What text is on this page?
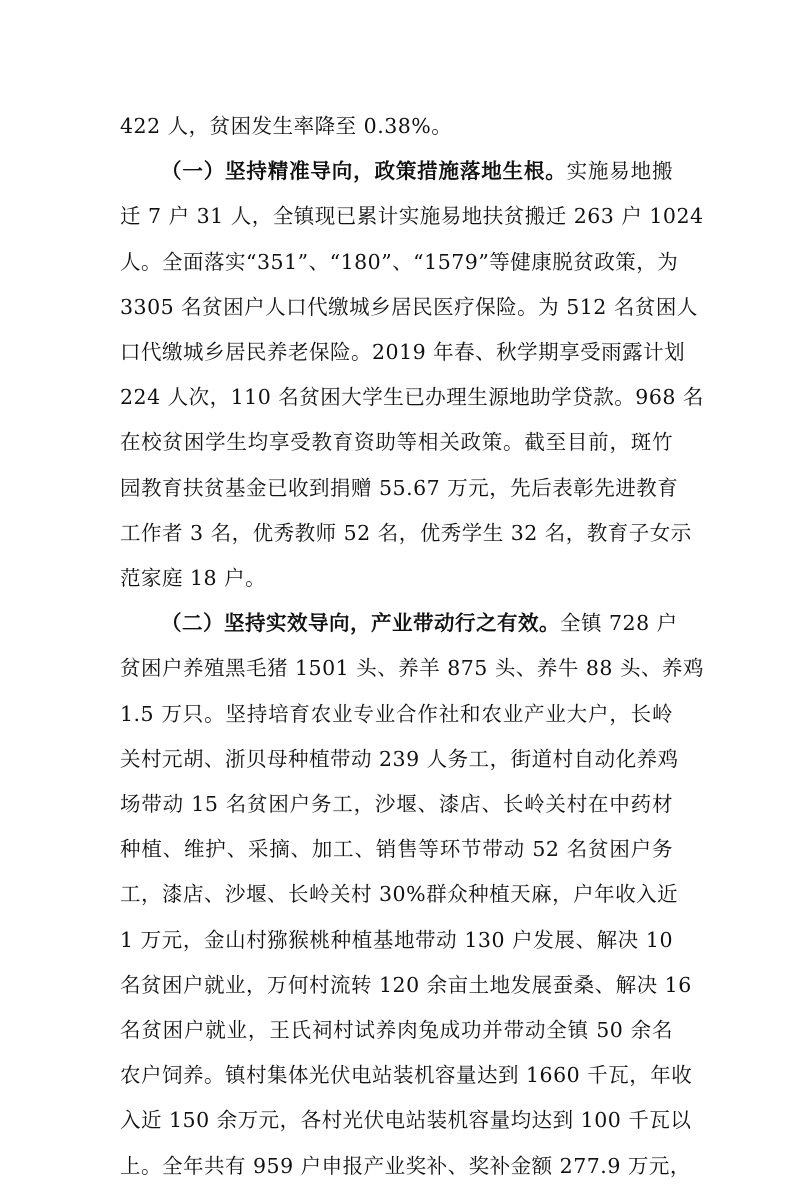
422 人，贫困发生率降至 0.38%。
（一）坚持精准导向，政策措施落地生根。实施易地搬
迁 7 户 31 人，全镇现已累计实施易地扶贫搬迁 263 户 1024
人。全面落实“351”、“180”、“1579”等健康脱贫政策，为
3305 名贫困户人口代缴城乡居民医疗保险。为 512 名贫困人
口代缴城乡居民养老保险。2019 年春、秋学期享受雨露计划
224 人次，110 名贫困大学生已办理生源地助学贷款。968 名
在校贫困学生均享受教育资助等相关政策。截至目前，斑竹
园教育扶贫基金已收到捐赠 55.67 万元，先后表彰先进教育
工作者 3 名，优秀教师 52 名，优秀学生 32 名，教育子女示
范家庭 18 户。
（二）坚持实效导向，产业带动行之有效。全镇 728 户
贫困户养殖黑毛猪 1501 头、养羊 875 头、养牛 88 头、养鸡
1.5 万只。坚持培育农业专业合作社和农业产业大户，长岭
关村元胡、浙贝母种植带动 239 人务工，街道村自动化养鸡
场带动 15 名贫困户务工，沙堰、漆店、长岭关村在中药材
种植、维护、采摘、加工、销售等环节带动 52 名贫困户务
工，漆店、沙堰、长岭关村 30%群众种植天麻，户年收入近
1 万元，金山村猕猴桃种植基地带动 130 户发展、解决 10
名贫困户就业，万何村流转 120 余亩土地发展蚕桑、解决 16
名贫困户就业，王氏祠村试养肉兔成功并带动全镇 50 余名
农户饲养。镇村集体光伏电站装机容量达到 1660 千瓦，年收
入近 150 余万元，各村光伏电站装机容量均达到 100 千瓦以
上。全年共有 959 户申报产业奖补、奖补金额 277.9 万元，
